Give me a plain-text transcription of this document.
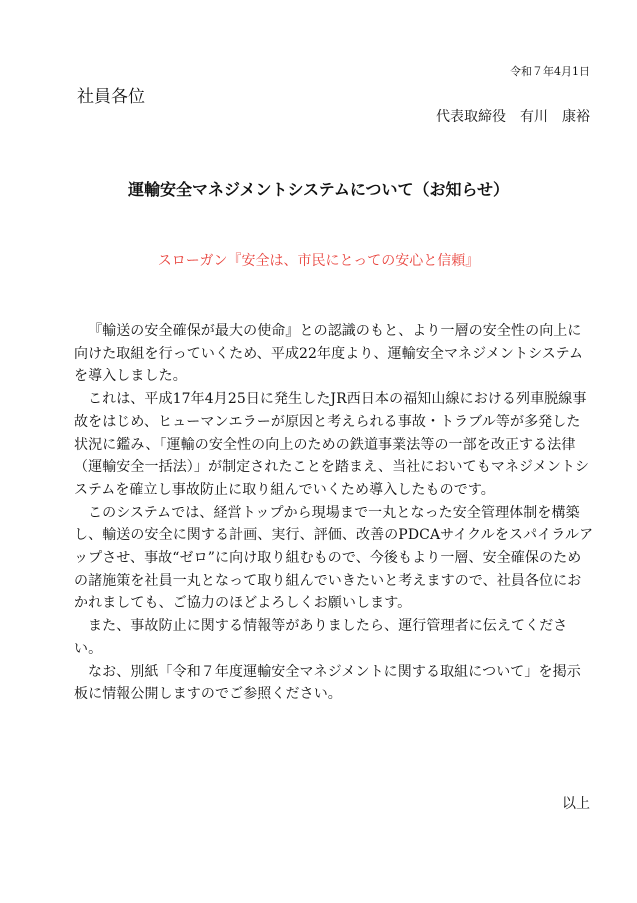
令和７年4月1日
社員各位
代表取締役　有川　康裕
運輸安全マネジメントシステムについて（お知らせ）
スローガン『安全は、市民にとっての安心と信頼』

『輸送の安全確保が最大の使命』との認識のもと、より一層の安全性の向上に向けた取組を行っていくため、平成22年度より、運輸安全マネジメントシステムを導入しました。

これは、平成17年4月25日に発生したJR西日本の福知山線における列車脱線事故をはじめ、ヒューマンエラーが原因と考えられる事故・トラブル等が多発した状況に鑑み、「運輸の安全性の向上のための鉄道事業法等の一部を改正する法律（運輸安全一括法）」が制定されたことを踏まえ、当社においてもマネジメントシステムを確立し事故防止に取り組んでいくため導入したものです。

このシステムでは、経営トップから現場まで一丸となった安全管理体制を構築し、輸送の安全に関する計画、実行、評価、改善のPDCAサイクルをスパイラルアップさせ、事故“ゼロ”に向け取り組むもので、今後もより一層、安全確保のための諸施策を社員一丸となって取り組んでいきたいと考えますので、社員各位におかれましても、ご協力のほどよろしくお願いします。

また、事故防止に関する情報等がありましたら、運行管理者に伝えてください。

なお、別紙「令和７年度運輸安全マネジメントに関する取組について」を掲示板に情報公開しますのでご参照ください。

以上
